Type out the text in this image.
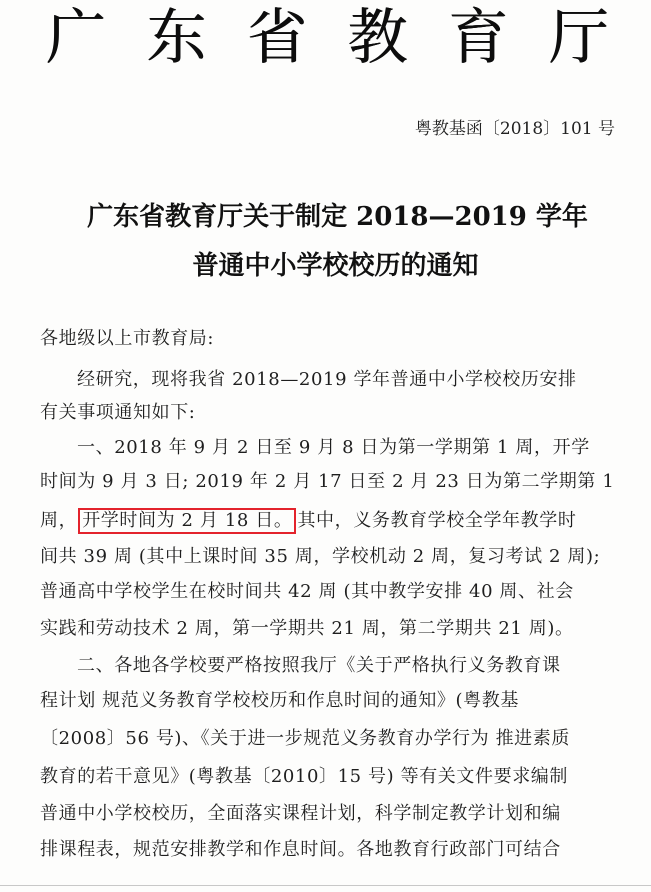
广 东 省 教 育 厅
粤教基函〔2018〕101 号
广东省教育厅关于制定 2018—2019 学年
普通中小学校校历的通知
各地级以上市教育局:
经研究，现将我省 2018—2019 学年普通中小学校校历安排
有关事项通知如下:
一、2018 年 9 月 2 日至 9 月 8 日为第一学期第 1 周，开学
时间为 9 月 3 日; 2019 年 2 月 17 日至 2 月 23 日为第二学期第 1
周， 开学时间为 2 月 18 日。 其中，义务教育学校全学年教学时
间共 39 周 (其中上课时间 35 周，学校机动 2 周，复习考试 2 周);
普通高中学校学生在校时间共 42 周 (其中教学安排 40 周、社会
实践和劳动技术 2 周，第一学期共 21 周，第二学期共 21 周)。
二、各地各学校要严格按照我厅《关于严格执行义务教育课
程计划 规范义务教育学校校历和作息时间的通知》(粤教基
〔2008〕56 号)、《关于进一步规范义务教育办学行为 推进素质
教育的若干意见》(粤教基〔2010〕15 号) 等有关文件要求编制
普通中小学校校历，全面落实课程计划，科学制定教学计划和编
排课程表，规范安排教学和作息时间。各地教育行政部门可结合
